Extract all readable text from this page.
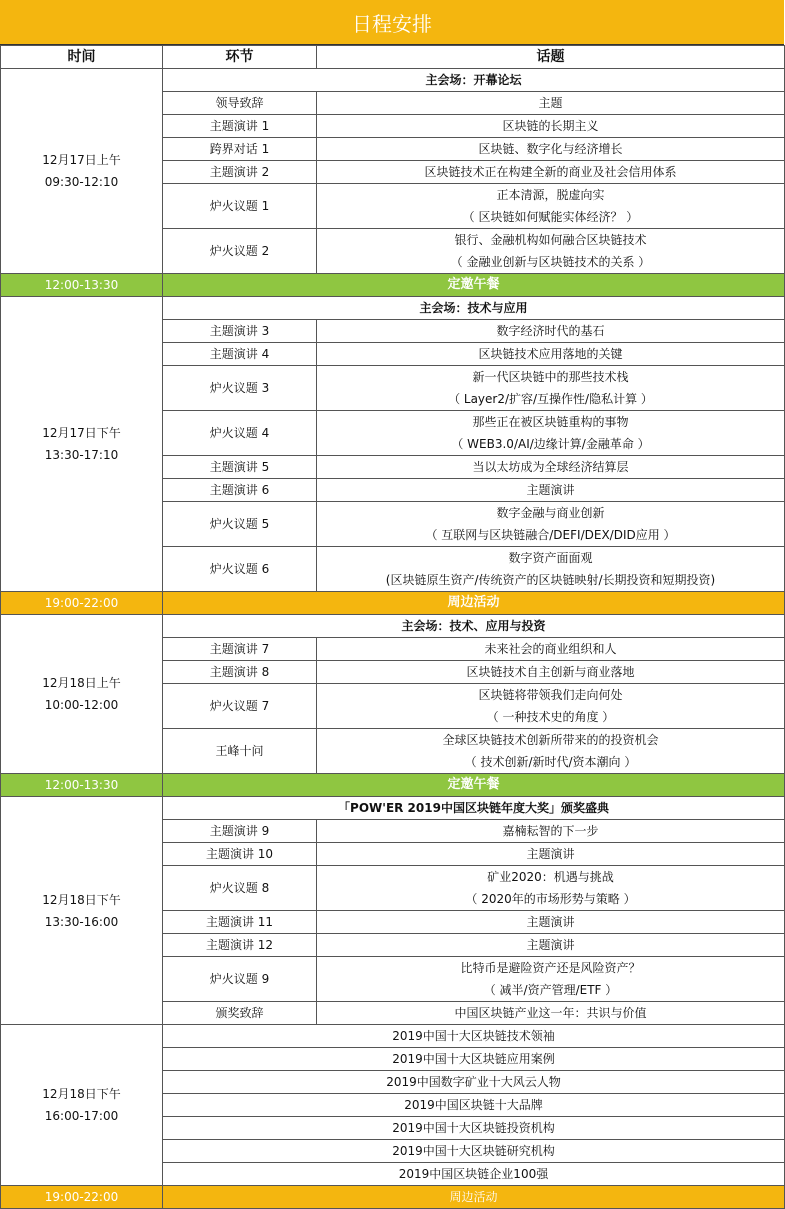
日程安排
时间	环节	话题

12月17日上午
09:30-12:10	主会场：开幕论坛	
	领导致辞	主题

	主题演讲 1	区块链的长期主义

	跨界对话 1	区块链、数字化与经济增长

	主题演讲 2	区块链技术正在构建全新的商业及社会信用体系

	炉火议题 1	正本清源，脱虚向实
（ 区块链如何赋能实体经济？ ）

	炉火议题 2	银行、金融机构如何融合区块链技术
（ 金融业创新与区块链技术的关系 ）

12:00-13:30	定邀午餐	

12月17日下午
13:30-17:10	主会场：技术与应用	
	主题演讲 3	数字经济时代的基石

	主题演讲 4	区块链技术应用落地的关键

	炉火议题 3	新一代区块链中的那些技术栈
（ Layer2/扩容/互操作性/隐私计算 ）

	炉火议题 4	那些正在被区块链重构的事物
（ WEB3.0/AI/边缘计算/金融革命 ）

	主题演讲 5	当以太坊成为全球经济结算层

	主题演讲 6	主题演讲

	炉火议题 5	数字金融与商业创新
（ 互联网与区块链融合/DEFI/DEX/DID应用 ）

	炉火议题 6	数字资产面面观
(区块链原生资产/传统资产的区块链映射/长期投资和短期投资)

19:00-22:00	周边活动	

12月18日上午
10:00-12:00	主会场：技术、应用与投资	
	主题演讲 7	未来社会的商业组织和人

	主题演讲 8	区块链技术自主创新与商业落地

	炉火议题 7	区块链将带领我们走向何处
（ 一种技术史的角度 ）

	王峰十问	全球区块链技术创新所带来的的投资机会
（ 技术创新/新时代/资本潮向 ）

12:00-13:30	定邀午餐	

12月18日下午
13:30-16:00	「POW'ER 2019中国区块链年度大奖」颁奖盛典	
	主题演讲 9	嘉楠耘智的下一步

	主题演讲 10	主题演讲

	炉火议题 8	矿业2020：机遇与挑战
（ 2020年的市场形势与策略 ）

	主题演讲 11	主题演讲

	主题演讲 12	主题演讲

	炉火议题 9	比特币是避险资产还是风险资产？
（ 减半/资产管理/ETF ）

	颁奖致辞	中国区块链产业这一年：共识与价值

12月18日下午
16:00-17:00	2019中国十大区块链技术领袖	
	2019中国十大区块链应用案例	
	2019中国数字矿业十大风云人物	
	2019中国区块链十大品牌	
	2019中国十大区块链投资机构	
	2019中国十大区块链研究机构	
	2019中国区块链企业100强	
19:00-22:00	周边活动	
